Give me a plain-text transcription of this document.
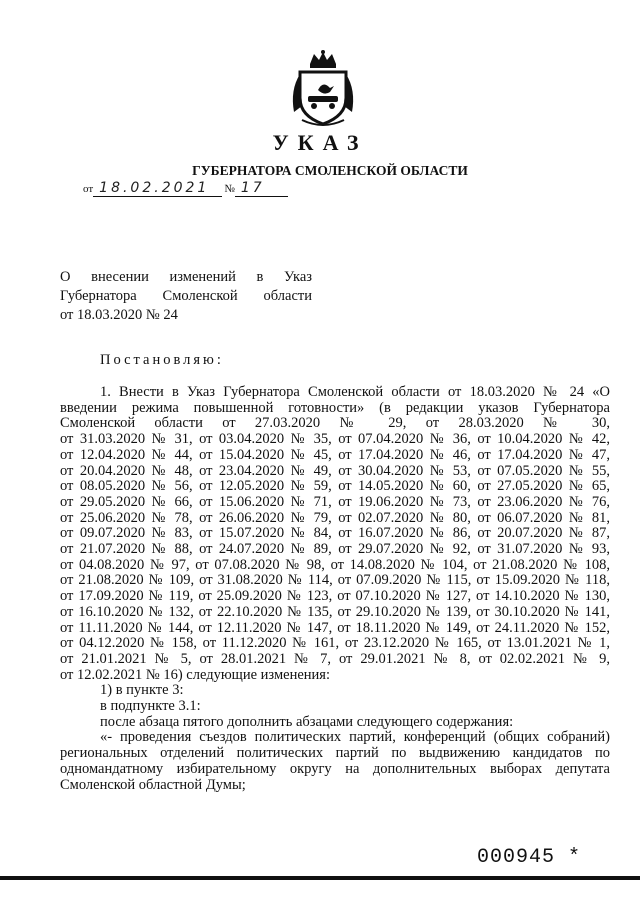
УКАЗ
ГУБЕРНАТОРА СМОЛЕНСКОЙ ОБЛАСТИ
от 18.02.2021 № 17
О внесении изменений в Указ
Губернатора Смоленской области
от 18.03.2020 № 24
Постановляю:
1. Внести в Указ Губернатора Смоленской области от 18.03.2020 № 24 «О
введении режима повышенной готовности» (в редакции указов Губернатора
Смоленской области от 27.03.2020 № 29, от 28.03.2020 № 30,
от 31.03.2020 № 31, от 03.04.2020 № 35, от 07.04.2020 № 36, от 10.04.2020 № 42,
от 12.04.2020 № 44, от 15.04.2020 № 45, от 17.04.2020 № 46, от 17.04.2020 № 47,
от 20.04.2020 № 48, от 23.04.2020 № 49, от 30.04.2020 № 53, от 07.05.2020 № 55,
от 08.05.2020 № 56, от 12.05.2020 № 59, от 14.05.2020 № 60, от 27.05.2020 № 65,
от 29.05.2020 № 66, от 15.06.2020 № 71, от 19.06.2020 № 73, от 23.06.2020 № 76,
от 25.06.2020 № 78, от 26.06.2020 № 79, от 02.07.2020 № 80, от 06.07.2020 № 81,
от 09.07.2020 № 83, от 15.07.2020 № 84, от 16.07.2020 № 86, от 20.07.2020 № 87,
от 21.07.2020 № 88, от 24.07.2020 № 89, от 29.07.2020 № 92, от 31.07.2020 № 93,
от 04.08.2020 № 97, от 07.08.2020 № 98, от 14.08.2020 № 104, от 21.08.2020 № 108,
от 21.08.2020 № 109, от 31.08.2020 № 114, от 07.09.2020 № 115, от 15.09.2020 № 118,
от 17.09.2020 № 119, от 25.09.2020 № 123, от 07.10.2020 № 127, от 14.10.2020 № 130,
от 16.10.2020 № 132, от 22.10.2020 № 135, от 29.10.2020 № 139, от 30.10.2020 № 141,
от 11.11.2020 № 144, от 12.11.2020 № 147, от 18.11.2020 № 149, от 24.11.2020 № 152,
от 04.12.2020 № 158, от 11.12.2020 № 161, от 23.12.2020 № 165, от 13.01.2021 № 1,
от 21.01.2021 № 5, от 28.01.2021 № 7, от 29.01.2021 № 8, от 02.02.2021 № 9,
от 12.02.2021 № 16) следующие изменения:
1) в пункте 3:
в подпункте 3.1:
после абзаца пятого дополнить абзацами следующего содержания:
«- проведения съездов политических партий, конференций (общих собраний)
региональных отделений политических партий по выдвижению кандидатов по
одномандатному избирательному округу на дополнительных выборах депутата
Смоленской областной Думы;
000945 *
